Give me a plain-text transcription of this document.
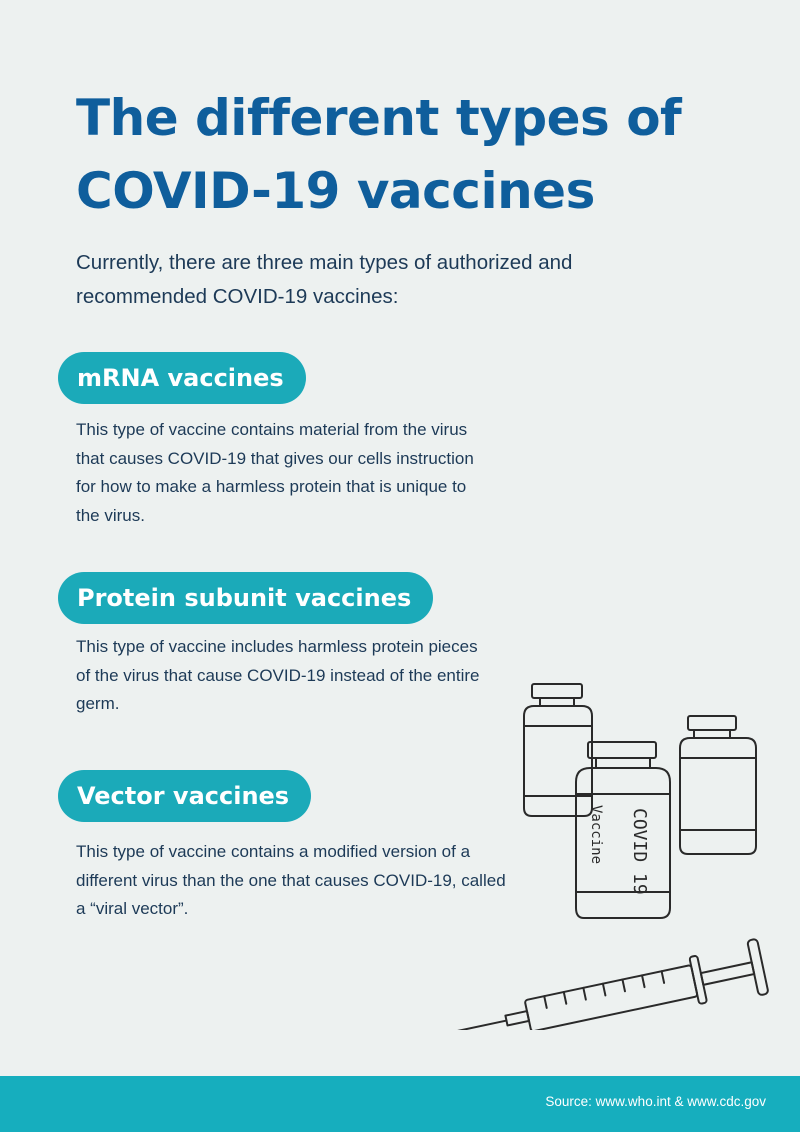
The different types of
COVID-19 vaccines

Currently, there are three main types of authorized and recommended COVID-19 vaccines:

mRNA vaccines

This type of vaccine contains material from the virus that causes COVID-19 that gives our cells instruction for how to make a harmless protein that is unique to the virus.

Protein subunit vaccines

This type of vaccine includes harmless protein pieces of the virus that cause COVID-19 instead of the entire germ.

Vector vaccines

This type of vaccine contains a modified version of a different virus than the one that causes COVID-19, called a “viral vector”.

Vaccine COVID 19
Source: www.who.int & www.cdc.gov
